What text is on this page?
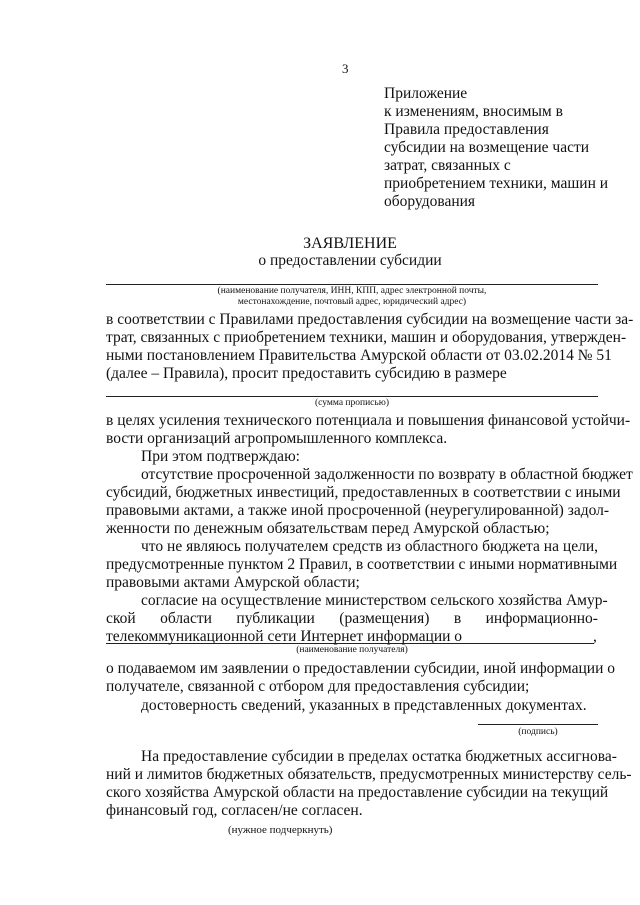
3
Приложение
к изменениям, вносимым в
Правила предоставления
субсидии на возмещение части
затрат, связанных с
приобретением техники, машин и
оборудования
ЗАЯВЛЕНИЕ
о предоставлении субсидии
(наименование получателя, ИНН, КПП, адрес электронной почты,
местонахождение, почтовый адрес, юридический адрес)
в соответствии с Правилами предоставления субсидии на возмещение части за-
трат, связанных с приобретением техники, машин и оборудования, утвержден-
ными постановлением Правительства Амурской области от 03.02.2014 № 51
(далее – Правила), просит предоставить субсидию в размере
(сумма прописью)
в целях усиления технического потенциала и повышения финансовой устойчи-
вости организаций агропромышленного комплекса.
При этом подтверждаю:
отсутствие просроченной задолженности по возврату в областной бюджет
субсидий, бюджетных инвестиций, предоставленных в соответствии с иными
правовыми актами, а также иной просроченной (неурегулированной) задол-
женности по денежным обязательствам перед Амурской областью;
что не являюсь получателем средств из областного бюджета на цели,
предусмотренные пунктом 2 Правил, в соответствии с иными нормативными
правовыми актами Амурской области;
согласие на осуществление министерством сельского хозяйства Амур-
ской области публикации (размещения) в информационно-
телекоммуникационной сети Интернет информации о	,
(наименование получателя)
о подаваемом им заявлении о предоставлении субсидии, иной информации о
получателе, связанной с отбором для предоставления субсидии;
достоверность сведений, указанных в представленных документах.
(подпись)
На предоставление субсидии в пределах остатка бюджетных ассигнова-
ний и лимитов бюджетных обязательств, предусмотренных министерству сель-
ского хозяйства Амурской области на предоставление субсидии на текущий
финансовый год, согласен/не согласен.
(нужное подчеркнуть)
